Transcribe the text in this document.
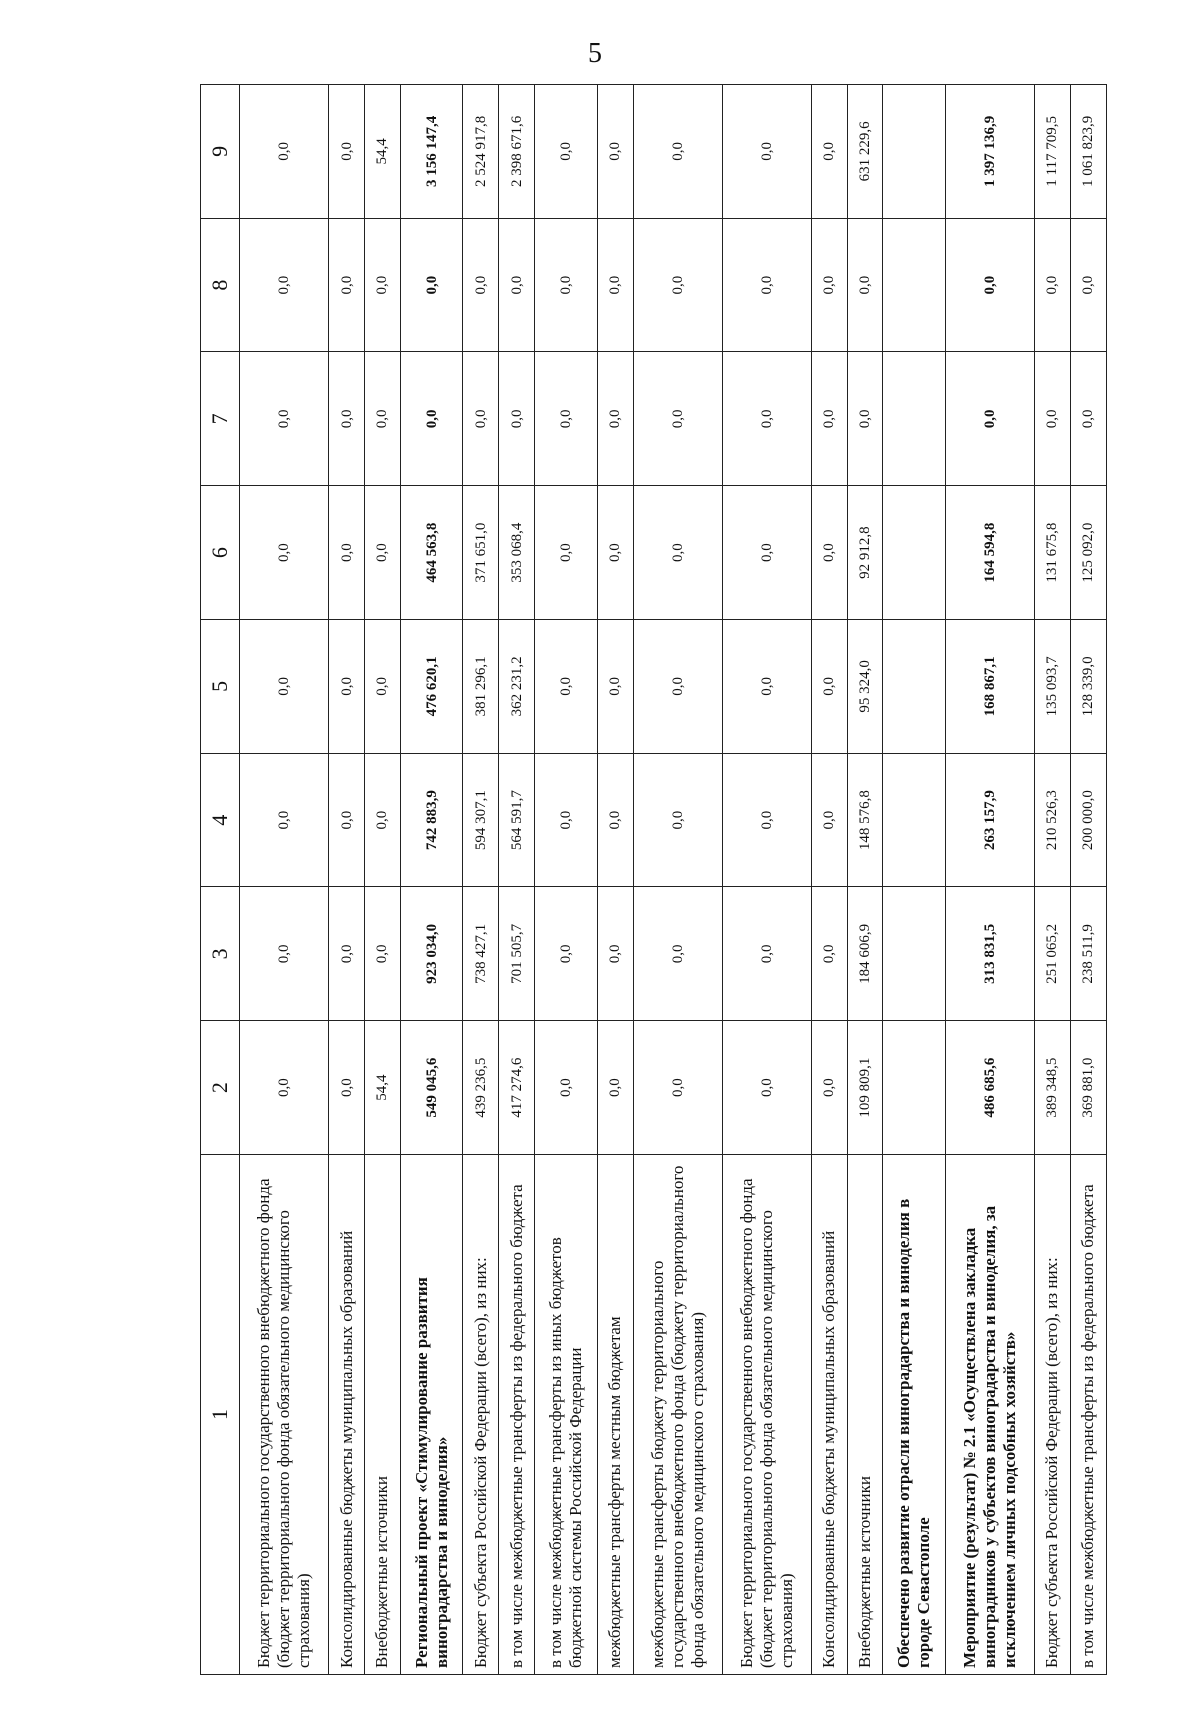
5
1	2	3	4	5	6	7	8	9
Бюджет территориального государственного внебюджетного фонда (бюджет территориального фонда обязательного медицинского страхования)	0,0	0,0	0,0	0,0	0,0	0,0	0,0	0,0
Консолидированные бюджеты муниципальных образований	0,0	0,0	0,0	0,0	0,0	0,0	0,0	0,0
Внебюджетные источники	54,4	0,0	0,0	0,0	0,0	0,0	0,0	54,4
Региональный проект «Стимулирование развития виноградарства и виноделия»	549 045,6	923 034,0	742 883,9	476 620,1	464 563,8	0,0	0,0	3 156 147,4
Бюджет субъекта Российской Федерации (всего), из них:	439 236,5	738 427,1	594 307,1	381 296,1	371 651,0	0,0	0,0	2 524 917,8
в том числе межбюджетные трансферты из федерального бюджета	417 274,6	701 505,7	564 591,7	362 231,2	353 068,4	0,0	0,0	2 398 671,6
в том числе межбюджетные трансферты из иных бюджетов бюджетной системы Российской Федерации	0,0	0,0	0,0	0,0	0,0	0,0	0,0	0,0
межбюджетные трансферты местным бюджетам	0,0	0,0	0,0	0,0	0,0	0,0	0,0	0,0
межбюджетные трансферты бюджету территориального государственного внебюджетного фонда (бюджету территориального фонда обязательного медицинского страхования)	0,0	0,0	0,0	0,0	0,0	0,0	0,0	0,0
Бюджет территориального государственного внебюджетного фонда (бюджет территориального фонда обязательного медицинского страхования)	0,0	0,0	0,0	0,0	0,0	0,0	0,0	0,0
Консолидированные бюджеты муниципальных образований	0,0	0,0	0,0	0,0	0,0	0,0	0,0	0,0
Внебюджетные источники	109 809,1	184 606,9	148 576,8	95 324,0	92 912,8	0,0	0,0	631 229,6
Обеспечено развитие отрасли виноградарства и виноделия в городе Севастополе								
Мероприятие (результат) № 2.1 «Осуществлена закладка виноградников у субъектов виноградарства и виноделия, за исключением личных подсобных хозяйств»	486 685,6	313 831,5	263 157,9	168 867,1	164 594,8	0,0	0,0	1 397 136,9
Бюджет субъекта Российской Федерации (всего), из них:	389 348,5	251 065,2	210 526,3	135 093,7	131 675,8	0,0	0,0	1 117 709,5
в том числе межбюджетные трансферты из федерального бюджета	369 881,0	238 511,9	200 000,0	128 339,0	125 092,0	0,0	0,0	1 061 823,9
